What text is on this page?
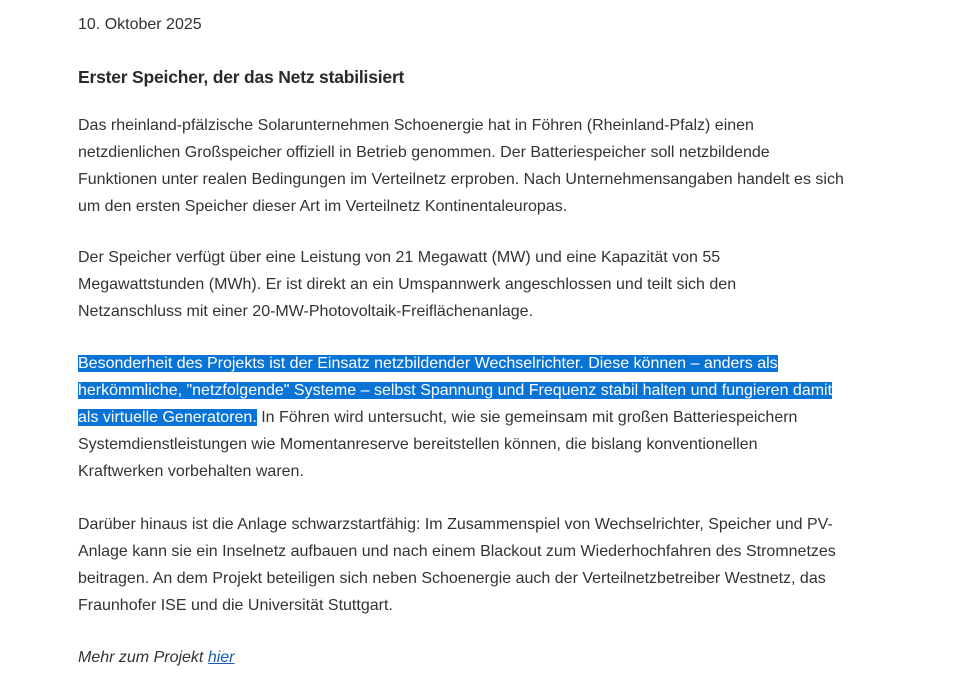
10. Oktober 2025
Erster Speicher, der das Netz stabilisiert

Das rheinland-pfälzische Solarunternehmen Schoenergie hat in Föhren (Rheinland-Pfalz) einen
netzdienlichen Großspeicher offiziell in Betrieb genommen. Der Batteriespeicher soll netzbildende
Funktionen unter realen Bedingungen im Verteilnetz erproben. Nach Unternehmensangaben handelt es sich
um den ersten Speicher dieser Art im Verteilnetz Kontinentaleuropas.

Der Speicher verfügt über eine Leistung von 21 Megawatt (MW) und eine Kapazität von 55
Megawattstunden (MWh). Er ist direkt an ein Umspannwerk angeschlossen und teilt sich den
Netzanschluss mit einer 20-MW-Photovoltaik-Freiflächenanlage.

Besonderheit des Projekts ist der Einsatz netzbildender Wechselrichter. Diese können – anders als
herkömmliche, "netzfolgende" Systeme – selbst Spannung und Frequenz stabil halten und fungieren damit
als virtuelle Generatoren. In Föhren wird untersucht, wie sie gemeinsam mit großen Batteriespeichern
Systemdienstleistungen wie Momentanreserve bereitstellen können, die bislang konventionellen
Kraftwerken vorbehalten waren.

Darüber hinaus ist die Anlage schwarzstartfähig: Im Zusammenspiel von Wechselrichter, Speicher und PV-
Anlage kann sie ein Inselnetz aufbauen und nach einem Blackout zum Wiederhochfahren des Stromnetzes
beitragen. An dem Projekt beteiligen sich neben Schoenergie auch der Verteilnetzbetreiber Westnetz, das
Fraunhofer ISE und die Universität Stuttgart.

Mehr zum Projekt hier
